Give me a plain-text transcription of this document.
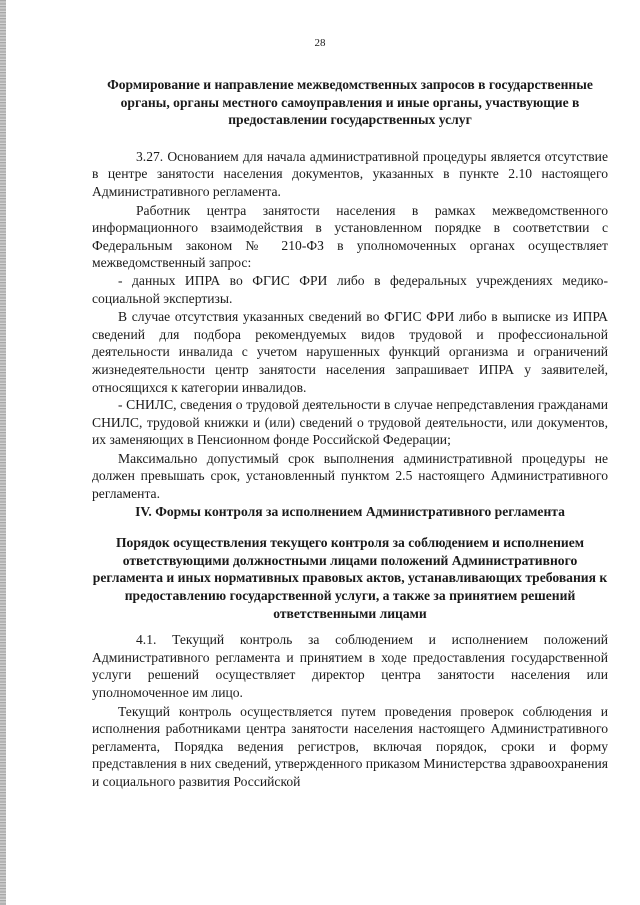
28

Формирование и направление межведомственных запросов в государственные органы, органы местного самоуправления и иные органы, участвующие в предоставлении государственных услуг

3.27. Основанием для начала административной процедуры является отсутствие в центре занятости населения документов, указанных в пункте 2.10 настоящего Административного регламента.

Работник центра занятости населения в рамках межведомственного информационного взаимодействия в установленном порядке в соответствии с Федеральным законом № 210-ФЗ в уполномоченных органах осуществляет межведомственный запрос:

- данных ИПРА во ФГИС ФРИ либо в федеральных учреждениях медико-социальной экспертизы.

В случае отсутствия указанных сведений во ФГИС ФРИ либо в выписке из ИПРА сведений для подбора рекомендуемых видов трудовой и профессиональной деятельности инвалида с учетом нарушенных функций организма и ограничений жизнедеятельности центр занятости населения запрашивает ИПРА у заявителей, относящихся к категории инвалидов.

- СНИЛС, сведения о трудовой деятельности в случае непредставления гражданами СНИЛС, трудовой книжки и (или) сведений о трудовой деятельности, или документов, их заменяющих в Пенсионном фонде Российской Федерации;

Максимально допустимый срок выполнения административной процедуры не должен превышать срок, установленный пунктом 2.5 настоящего Административного регламента.

IV. Формы контроля за исполнением Административного регламента

Порядок осуществления текущего контроля за соблюдением и исполнением ответствующими должностными лицами положений Административного регламента и иных нормативных правовых актов, устанавливающих требования к предоставлению государственной услуги, а также за принятием решений ответственными лицами

4.1. Текущий контроль за соблюдением и исполнением положений Административного регламента и принятием в ходе предоставления государственной услуги решений осуществляет директор центра занятости населения или уполномоченное им лицо.

Текущий контроль осуществляется путем проведения проверок соблюдения и исполнения работниками центра занятости населения настоящего Административного регламента, Порядка ведения регистров, включая порядок, сроки и форму представления в них сведений, утвержденного приказом Министерства здравоохранения и социального развития Российской
